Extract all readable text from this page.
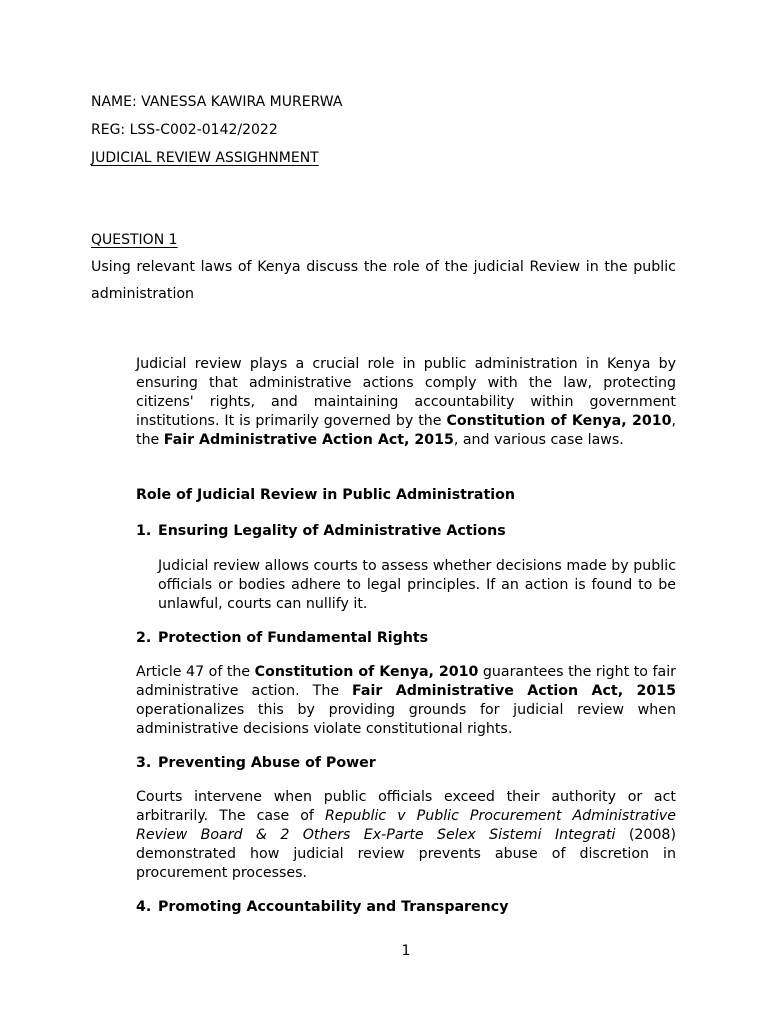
NAME: VANESSA KAWIRA MURERWA

REG: LSS-C002-0142/2022

JUDICIAL REVIEW ASSIGHNMENT

QUESTION 1

Using relevant laws of Kenya discuss the role of the judicial Review in the public administration

Judicial review plays a crucial role in public administration in Kenya by ensuring that administrative actions comply with the law, protecting citizens' rights, and maintaining accountability within government institutions. It is primarily governed by the Constitution of Kenya, 2010, the Fair Administrative Action Act, 2015, and various case laws.

Role of Judicial Review in Public Administration

1. Ensuring Legality of Administrative Actions

Judicial review allows courts to assess whether decisions made by public officials or bodies adhere to legal principles. If an action is found to be unlawful, courts can nullify it.

2. Protection of Fundamental Rights

Article 47 of the Constitution of Kenya, 2010 guarantees the right to fair administrative action. The Fair Administrative Action Act, 2015 operationalizes this by providing grounds for judicial review when administrative decisions violate constitutional rights.

3. Preventing Abuse of Power

Courts intervene when public officials exceed their authority or act arbitrarily. The case of Republic v Public Procurement Administrative Review Board & 2 Others Ex-Parte Selex Sistemi Integrati (2008) demonstrated how judicial review prevents abuse of discretion in procurement processes.

4. Promoting Accountability and Transparency

1
